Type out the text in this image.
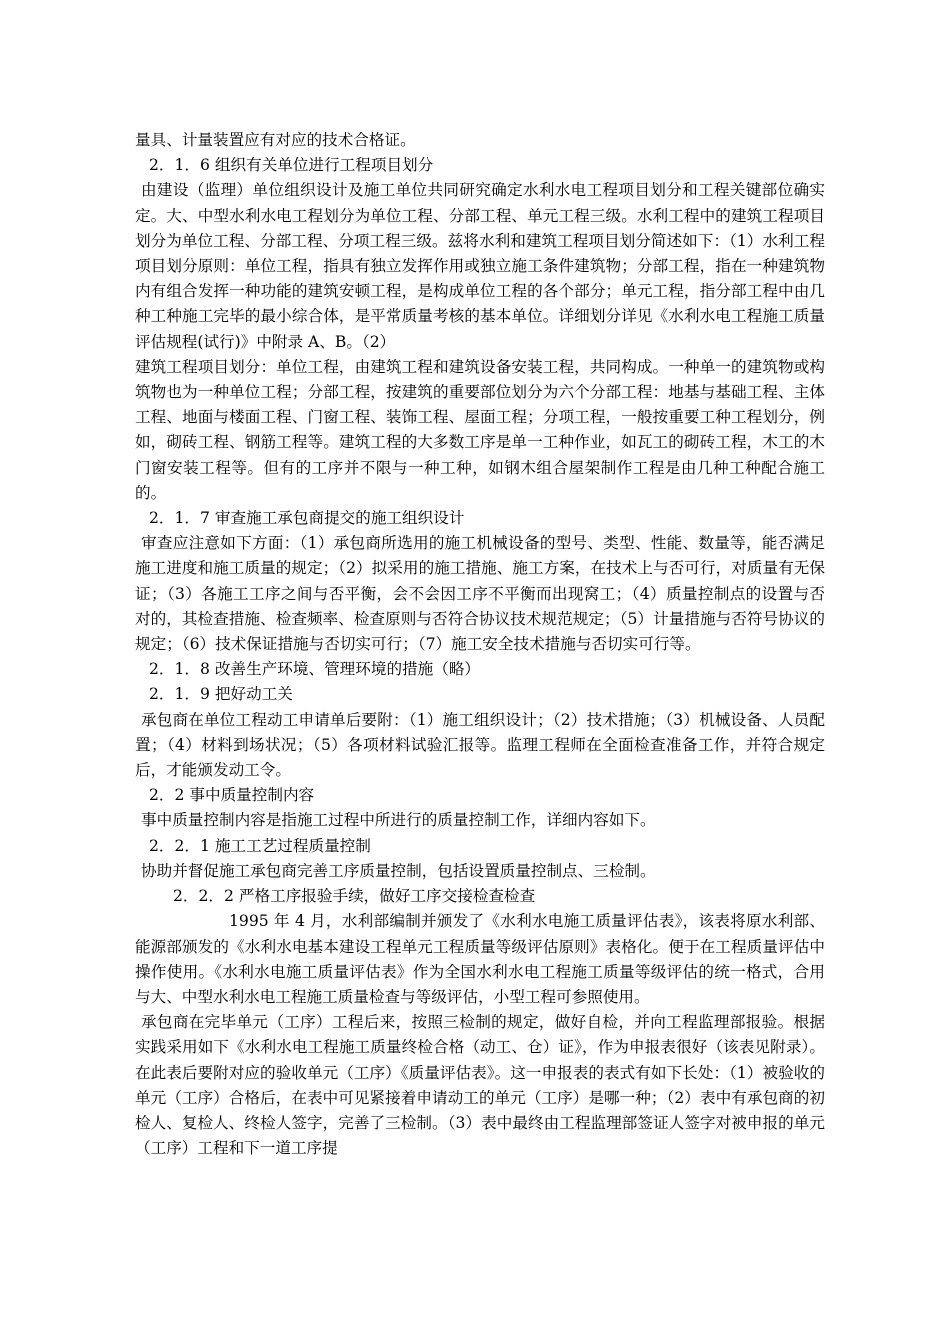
量具、计量装置应有对应的技术合格证。

2．1．6 组织有关单位进行工程项目划分

由建设（监理）单位组织设计及施工单位共同研究确定水利水电工程项目划分和工程关键部位确实定。大、中型水利水电工程划分为单位工程、分部工程、单元工程三级。水利工程中的建筑工程项目划分为单位工程、分部工程、分项工程三级。兹将水利和建筑工程项目划分简述如下：（1）水利工程项目划分原则：单位工程，指具有独立发挥作用或独立施工条件建筑物；分部工程，指在一种建筑物内有组合发挥一种功能的建筑安顿工程，是构成单位工程的各个部分；单元工程，指分部工程中由几种工种施工完毕的最小综合体，是平常质量考核的基本单位。详细划分详见《水利水电工程施工质量评估规程(试行)》中附录 A、B。（2）

建筑工程项目划分：单位工程，由建筑工程和建筑设备安装工程，共同构成。一种单一的建筑物或构筑物也为一种单位工程；分部工程，按建筑的重要部位划分为六个分部工程：地基与基础工程、主体工程、地面与楼面工程、门窗工程、装饰工程、屋面工程；分项工程，一般按重要工种工程划分，例如，砌砖工程、钢筋工程等。建筑工程的大多数工序是单一工种作业，如瓦工的砌砖工程，木工的木门窗安装工程等。但有的工序并不限与一种工种，如钢木组合屋架制作工程是由几种工种配合施工的。

2．1．7 审查施工承包商提交的施工组织设计

审查应注意如下方面：（1）承包商所选用的施工机械设备的型号、类型、性能、数量等，能否满足施工进度和施工质量的规定；（2）拟采用的施工措施、施工方案，在技术上与否可行，对质量有无保证；（3）各施工工序之间与否平衡，会不会因工序不平衡而出现窝工；（4）质量控制点的设置与否对的，其检查措施、检查频率、检查原则与否符合协议技术规范规定；（5）计量措施与否符号协议的规定；（6）技术保证措施与否切实可行；（7）施工安全技术措施与否切实可行等。

2．1．8 改善生产环境、管理环境的措施（略）

2．1．9 把好动工关

承包商在单位工程动工申请单后要附：（1）施工组织设计；（2）技术措施；（3）机械设备、人员配置；（4）材料到场状况；（5）各项材料试验汇报等。监理工程师在全面检查准备工作，并符合规定后，才能颁发动工令。

2．2 事中质量控制内容

事中质量控制内容是指施工过程中所进行的质量控制工作，详细内容如下。

2．2．1 施工工艺过程质量控制

协助并督促施工承包商完善工序质量控制，包括设置质量控制点、三检制。

2．2．2 严格工序报验手续，做好工序交接检查检查

1995 年 4 月，水利部编制并颁发了《水利水电施工质量评估表》，该表将原水利部、能源部颁发的《水利水电基本建设工程单元工程质量等级评估原则》表格化。便于在工程质量评估中操作使用。《水利水电施工质量评估表》作为全国水利水电工程施工质量等级评估的统一格式，合用与大、中型水利水电工程施工质量检查与等级评估，小型工程可参照使用。

承包商在完毕单元（工序）工程后来，按照三检制的规定，做好自检，并向工程监理部报验。根据实践采用如下《水利水电工程施工质量终检合格（动工、仓）证》，作为申报表很好（该表见附录）。在此表后要附对应的验收单元（工序）《质量评估表》。这一申报表的表式有如下长处：（1）被验收的单元（工序）合格后，在表中可见紧接着申请动工的单元（工序）是哪一种；（2）表中有承包商的初检人、复检人、终检人签字，完善了三检制。（3）表中最终由工程监理部签证人签字对被申报的单元（工序）工程和下一道工序提
